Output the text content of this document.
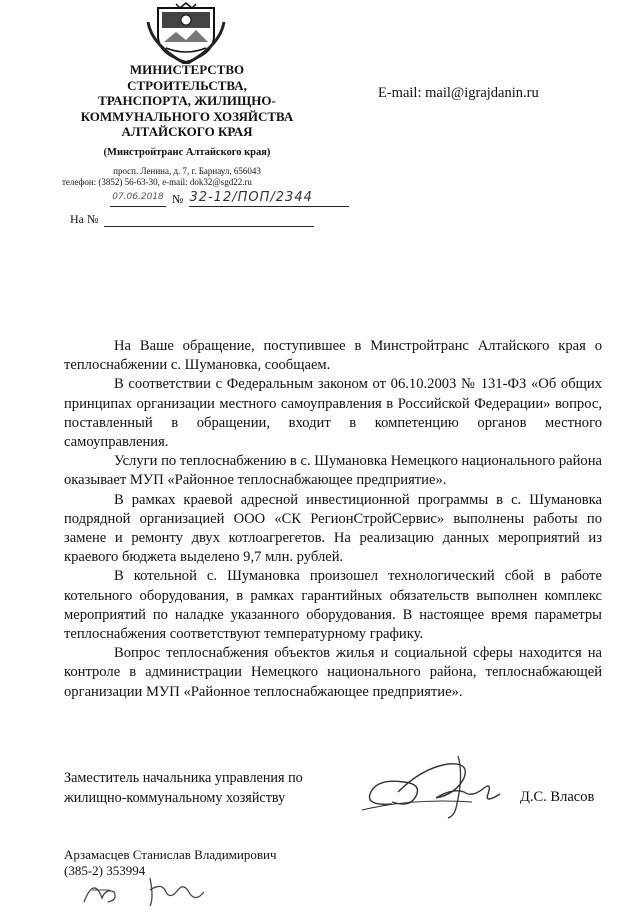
МИНИСТЕРСТВО
СТРОИТЕЛЬСТВА,
ТРАНСПОРТА, ЖИЛИЩНО-
КОММУНАЛЬНОГО ХОЗЯЙСТВА
АЛТАЙСКОГО КРАЯ
(Минстройтранс Алтайского края)
просп. Ленина, д. 7, г. Барнаул, 656043
телефон: (3852) 56-63-30, e-mail: dok32@sgd22.ru
07.06.2018 № 32-12/ПОП/2344
На №
E-mail: mail@igrajdanin.ru

На Ваше обращение, поступившее в Минстройтранс Алтайского края о теплоснабжении с. Шумановка, сообщаем.

В соответствии с Федеральным законом от 06.10.2003 № 131-ФЗ «Об общих принципах организации местного самоуправления в Российской Федерации» вопрос, поставленный в обращении, входит в компетенцию органов местного самоуправления.

Услуги по теплоснабжению в с. Шумановка Немецкого национального района оказывает МУП «Районное теплоснабжающее предприятие».

В рамках краевой адресной инвестиционной программы в с. Шумановка подрядной организацией ООО «СК РегионСтройСервис» выполнены работы по замене и ремонту двух котлоагрегетов. На реализацию данных мероприятий из краевого бюджета выделено 9,7 млн. рублей.

В котельной с. Шумановка произошел технологический сбой в работе котельного оборудования, в рамках гарантийных обязательств выполнен комплекс мероприятий по наладке указанного оборудования. В настоящее время параметры теплоснабжения соответствуют температурному графику.

Вопрос теплоснабжения объектов жилья и социальной сферы находится на контроле в администрации Немецкого национального района, теплоснабжающей организации МУП «Районное теплоснабжающее предприятие».

Заместитель начальника управления по
жилищно-коммунальному хозяйству	Д.С. Власов
Арзамасцев Станислав Владимирович
(385-2) 353994
